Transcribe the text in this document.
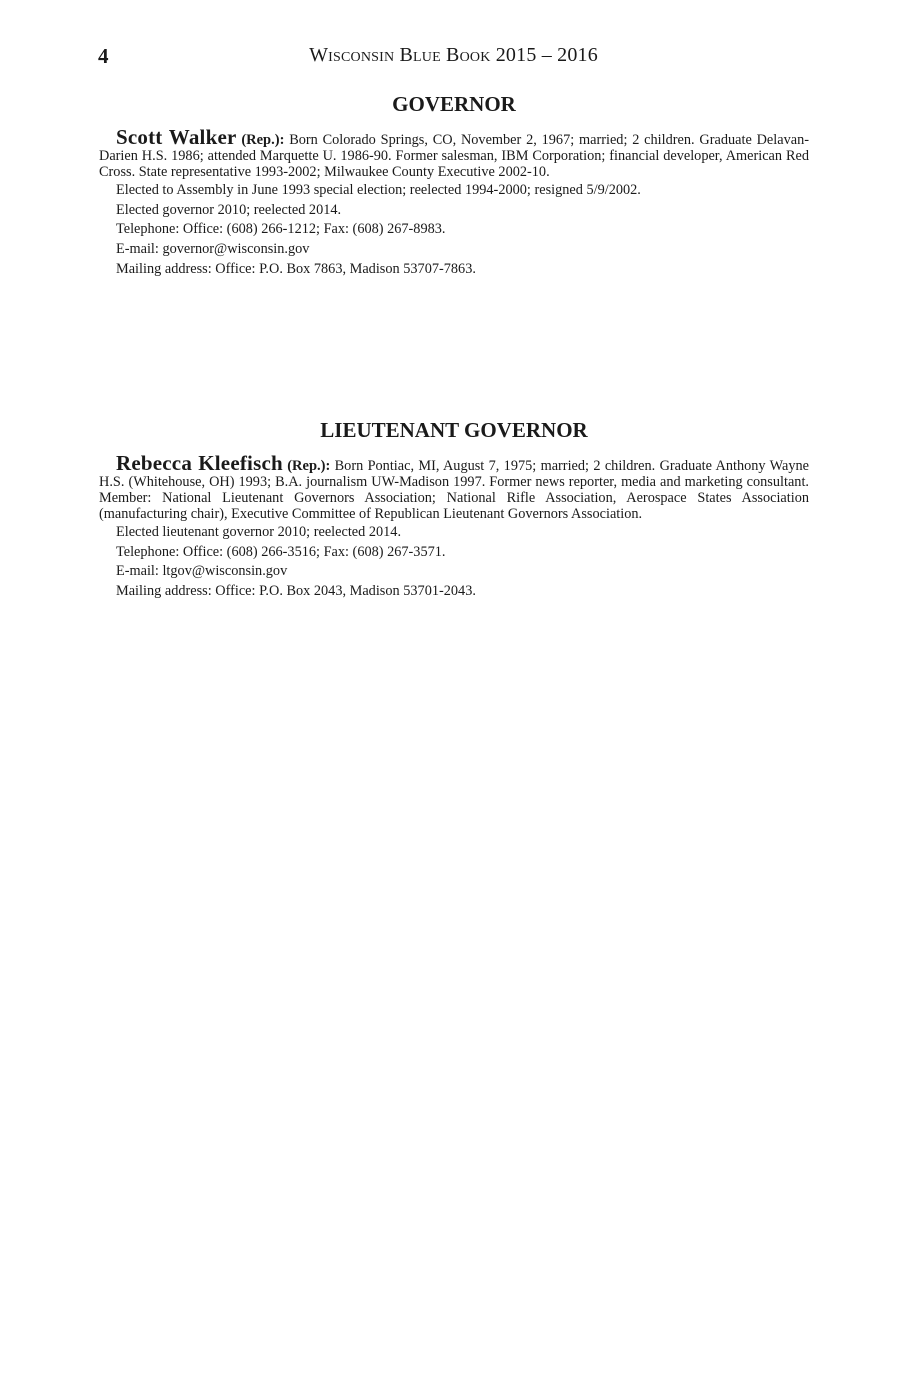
4	Wisconsin Blue Book 2015 – 2016
GOVERNOR

Scott Walker (Rep.): Born Colorado Springs, CO, November 2, 1967; married; 2 children. Graduate Delavan-Darien H.S. 1986; attended Marquette U. 1986-90. Former salesman, IBM Corporation; financial developer, American Red Cross. State representative 1993-2002; Milwaukee County Executive 2002-10.

Elected to Assembly in June 1993 special election; reelected 1994-2000; resigned 5/9/2002.

Elected governor 2010; reelected 2014.

Telephone: Office: (608) 266-1212; Fax: (608) 267-8983.

E-mail: governor@wisconsin.gov

Mailing address: Office: P.O. Box 7863, Madison 53707-7863.

LIEUTENANT GOVERNOR

Rebecca Kleefisch (Rep.): Born Pontiac, MI, August 7, 1975; married; 2 children. Graduate Anthony Wayne H.S. (Whitehouse, OH) 1993; B.A. journalism UW-Madison 1997. Former news reporter, media and marketing consultant. Member: National Lieutenant Governors Association; National Rifle Association, Aerospace States Association (manufacturing chair), Executive Committee of Republican Lieutenant Governors Association.

Elected lieutenant governor 2010; reelected 2014.

Telephone: Office: (608) 266-3516; Fax: (608) 267-3571.

E-mail: ltgov@wisconsin.gov

Mailing address: Office: P.O. Box 2043, Madison 53701-2043.
